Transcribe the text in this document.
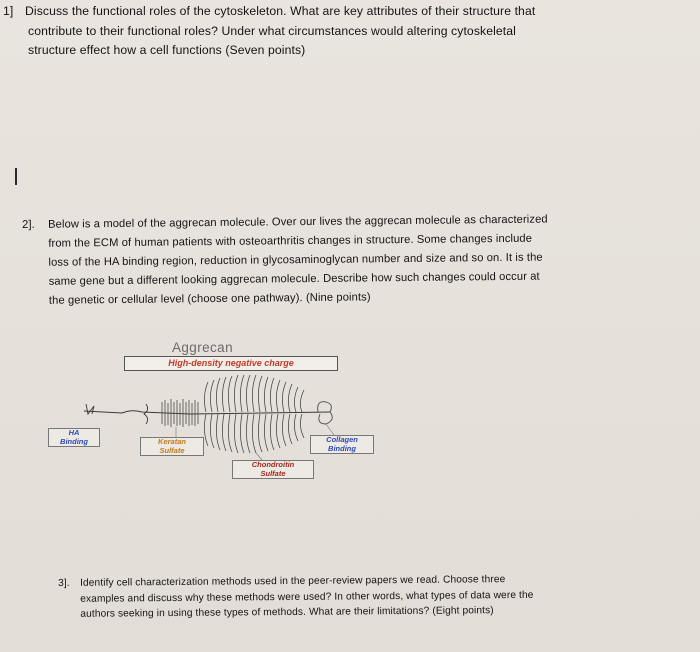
1] Discuss the functional roles of the cytoskeleton. What are key attributes of their structure that
contribute to their functional roles? Under what circumstances would altering cytoskeletal
structure effect how a cell functions (Seven points)
2]. Below is a model of the aggrecan molecule. Over our lives the aggrecan molecule as characterized
from the ECM of human patients with osteoarthritis changes in structure. Some changes include
loss of the HA binding region, reduction in glycosaminoglycan number and size and so on. It is the
same gene but a different looking aggrecan molecule. Describe how such changes could occur at
the genetic or cellular level (choose one pathway). (Nine points)
Aggrecan
High-density negative charge
HA
Binding	Keratan
Sulfate
Chondroitin
Sulfate
Collagen
Binding
3]. Identify cell characterization methods used in the peer-review papers we read. Choose three
examples and discuss why these methods were used? In other words, what types of data were the
authors seeking in using these types of methods. What are their limitations? (Eight points)
